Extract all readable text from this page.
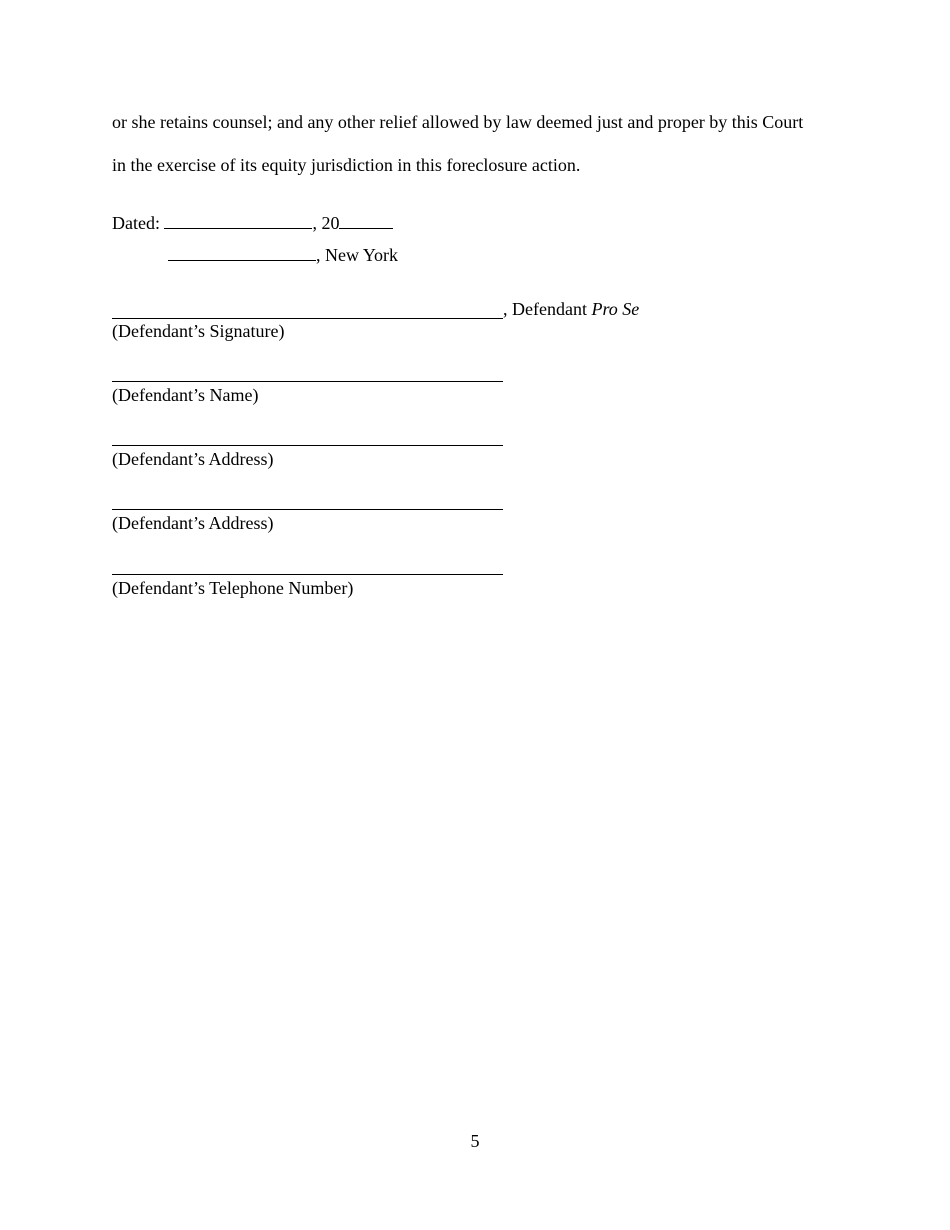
or she retains counsel; and any other relief allowed by law deemed just and proper by this Court
in the exercise of its equity jurisdiction in this foreclosure action.
Dated:	, 20
, New York
, Defendant Pro Se
(Defendant’s Signature)
(Defendant’s Name)
(Defendant’s Address)
(Defendant’s Address)
(Defendant’s Telephone Number)
5
